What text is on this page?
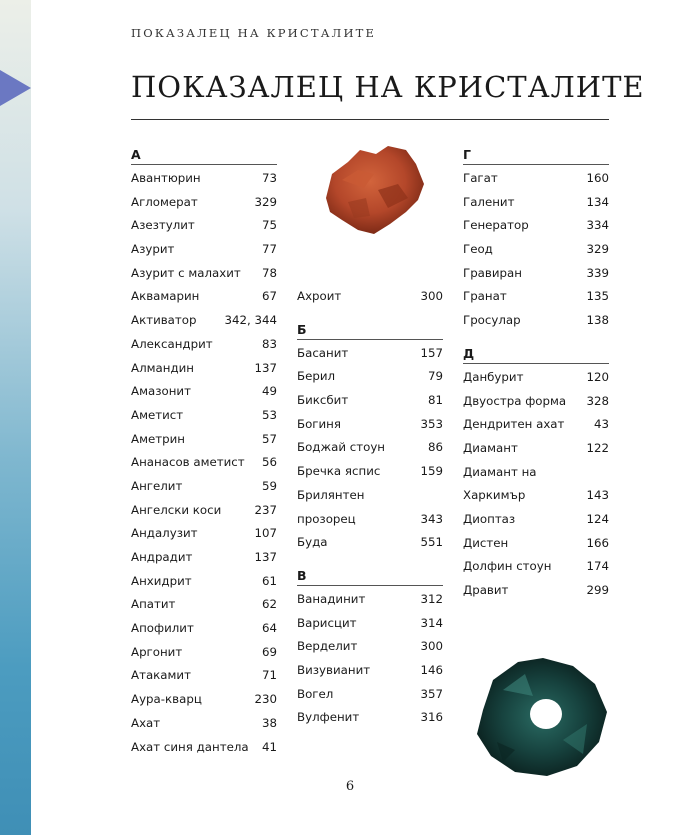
ПОКАЗАЛЕЦ НА КРИСТАЛИТЕ
ПОКАЗАЛЕЦ НА КРИСТАЛИТЕ
А
Авантюрин	73
Агломерат	329
Азезтулит	75
Азурит	77
Азурит с малахит 78
Аквамарин	67
Активатор 342, 344
Александрит	83
Алмандин	137
Амазонит	49
Аметист	53
Аметрин	57
Ананасов аметист 56
Ангелит	59
Ангелски коси	237
Андалузит	107
Андрадит	137
Анхидрит	61
Апатит	62
Апофилит	64
Аргонит	69
Атакамит	71
Аура-кварц	230
Ахат	38
Ахат синя дантела 41
Ахроит	300
Б
Басанит	157
Берил	79
Биксбит	81
Богиня	353
Боджай стоун	86
Бречка яспис	159
Брилянтен
прозорец	343
Буда	551
В
Ванадинит	312
Варисцит	314
Верделит	300
Визувианит	146
Вогел	357
Вулфенит	316
Г
Гагат	160
Галенит	134
Генератор	334
Геод	329
Гравиран	339
Гранат	135
Гросулар	138
Д
Данбурит	120
Двуостра форма 328
Дендритен ахат	43
Диамант	122
Диамант на
Харкимър	143
Диоптаз	124
Дистен	166
Долфин стоун	174
Дравит	299
6
